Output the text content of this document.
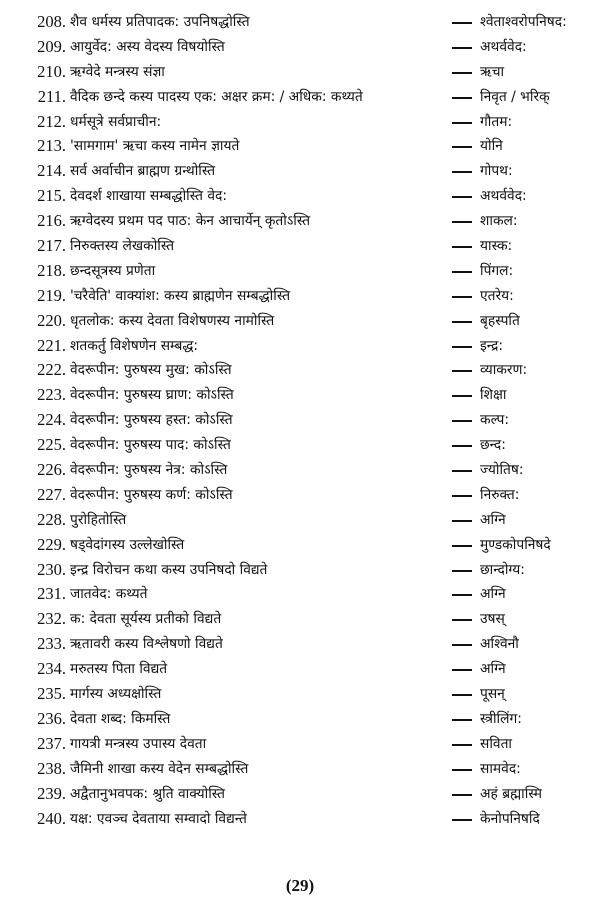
208. शैव धर्मस्य प्रतिपादक: उपनिषद्धोस्ति	श्वेताश्वरोपनिषद:
209. आयुर्वेद: अस्य वेदस्य विषयोस्ति	अथर्ववेद:
210. ऋग्वेदे मन्त्रस्य संज्ञा	ऋचा
211. वैदिक छन्दे कस्य पादस्य एक: अक्षर क्रम: / अधिक: कथ्यते	निवृत / भरिक्
212. धर्मसूत्रे सर्वप्राचीन:	गौतम:
213. 'सामगाम' ऋचा कस्य नामेन ज्ञायते	योनि
214. सर्व अर्वाचीन ब्राह्मण ग्रन्थोस्ति	गोपथ:
215. देवदर्श शाखाया सम्बद्धोस्ति वेद:	अथर्ववेद:
216. ऋग्वेदस्य प्रथम पद पाठ: केन आचार्येन् कृतोऽस्ति	शाकल:
217. निरुक्तस्य लेखकोस्ति	यास्क:
218. छन्दसूत्रस्य प्रणेता	पिंगल:
219. 'चरैवेति' वाक्यांश: कस्य ब्राह्मणेन सम्बद्धोस्ति	एतरेय:
220. धृतलोक: कस्य देवता विशेषणस्य नामोस्ति	बृहस्पति
221. शतकर्तु विशेषणेन सम्बद्ध:	इन्द्र:
222. वेदरूपीन: पुरुषस्य मुख: कोऽस्ति	व्याकरण:
223. वेदरूपीन: पुरुषस्य घ्राण: कोऽस्ति	शिक्षा
224. वेदरूपीन: पुरुषस्य हस्त: कोऽस्ति	कल्प:
225. वेदरूपीन: पुरुषस्य पाद: कोऽस्ति	छन्द:
226. वेदरूपीन: पुरुषस्य नेत्र: कोऽस्ति	ज्योतिष:
227. वेदरूपीन: पुरुषस्य कर्ण: कोऽस्ति	निरुक्त:
228. पुरोहितोस्ति	अग्नि
229. षड्वेदांगस्य उल्लेखोस्ति	मुण्डकोपनिषदे
230. इन्द्र विरोचन कथा कस्य उपनिषदो विद्यते	छान्दोग्य:
231. जातवेद: कथ्यते	अग्नि
232. क: देवता सूर्यस्य प्रतीको विद्यते	उषस्
233. ऋतावरी कस्य विश्लेषणो विद्यते	अश्विनौ
234. मरुतस्य पिता विद्यते	अग्नि
235. मार्गस्य अध्यक्षोस्ति	पूसन्
236. देवता शब्द: किमस्ति	स्त्रीलिंग:
237. गायत्री मन्त्रस्य उपास्य देवता	सविता
238. जैमिनी शाखा कस्य वेदेन सम्बद्धोस्ति	सामवेद:
239. अद्वैतानुभवपक: श्रुति वाक्योस्ति	अहं ब्रह्मास्मि
240. यक्ष: एवञ्च देवताया सम्वादो विद्यन्ते	केनोपनिषदि
(29)
